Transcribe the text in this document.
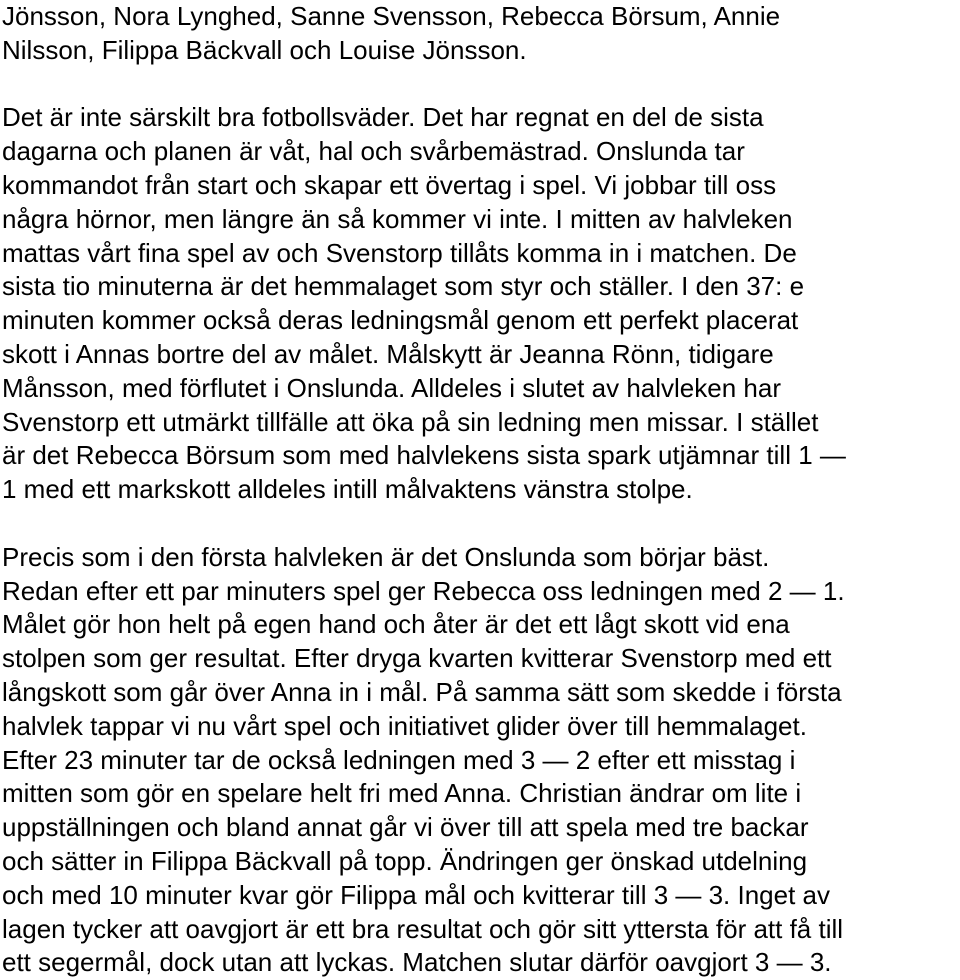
Jönsson, Nora Lynghed, Sanne Svensson, Rebecca Börsum, Annie
Nilsson, Filippa Bäckvall och Louise Jönsson.
Det är inte särskilt bra fotbollsväder. Det har regnat en del de sista
dagarna och planen är våt, hal och svårbemästrad. Onslunda tar
kommandot från start och skapar ett övertag i spel. Vi jobbar till oss
några hörnor, men längre än så kommer vi inte. I mitten av halvleken
mattas vårt fina spel av och Svenstorp tillåts komma in i matchen. De
sista tio minuterna är det hemmalaget som styr och ställer. I den 37: e
minuten kommer också deras ledningsmål genom ett perfekt placerat
skott i Annas bortre del av målet. Målskytt är Jeanna Rönn, tidigare
Månsson, med förflutet i Onslunda. Alldeles i slutet av halvleken har
Svenstorp ett utmärkt tillfälle att öka på sin ledning men missar. I stället
är det Rebecca Börsum som med halvlekens sista spark utjämnar till 1 —
1 med ett markskott alldeles intill målvaktens vänstra stolpe.
Precis som i den första halvleken är det Onslunda som börjar bäst.
Redan efter ett par minuters spel ger Rebecca oss ledningen med 2 — 1.
Målet gör hon helt på egen hand och åter är det ett lågt skott vid ena
stolpen som ger resultat. Efter dryga kvarten kvitterar Svenstorp med ett
långskott som går över Anna in i mål. På samma sätt som skedde i första
halvlek tappar vi nu vårt spel och initiativet glider över till hemmalaget.
Efter 23 minuter tar de också ledningen med 3 — 2 efter ett misstag i
mitten som gör en spelare helt fri med Anna. Christian ändrar om lite i
uppställningen och bland annat går vi över till att spela med tre backar
och sätter in Filippa Bäckvall på topp. Ändringen ger önskad utdelning
och med 10 minuter kvar gör Filippa mål och kvitterar till 3 — 3. Inget av
lagen tycker att oavgjort är ett bra resultat och gör sitt yttersta för att få till
ett segermål, dock utan att lyckas. Matchen slutar därför oavgjort 3 — 3.
